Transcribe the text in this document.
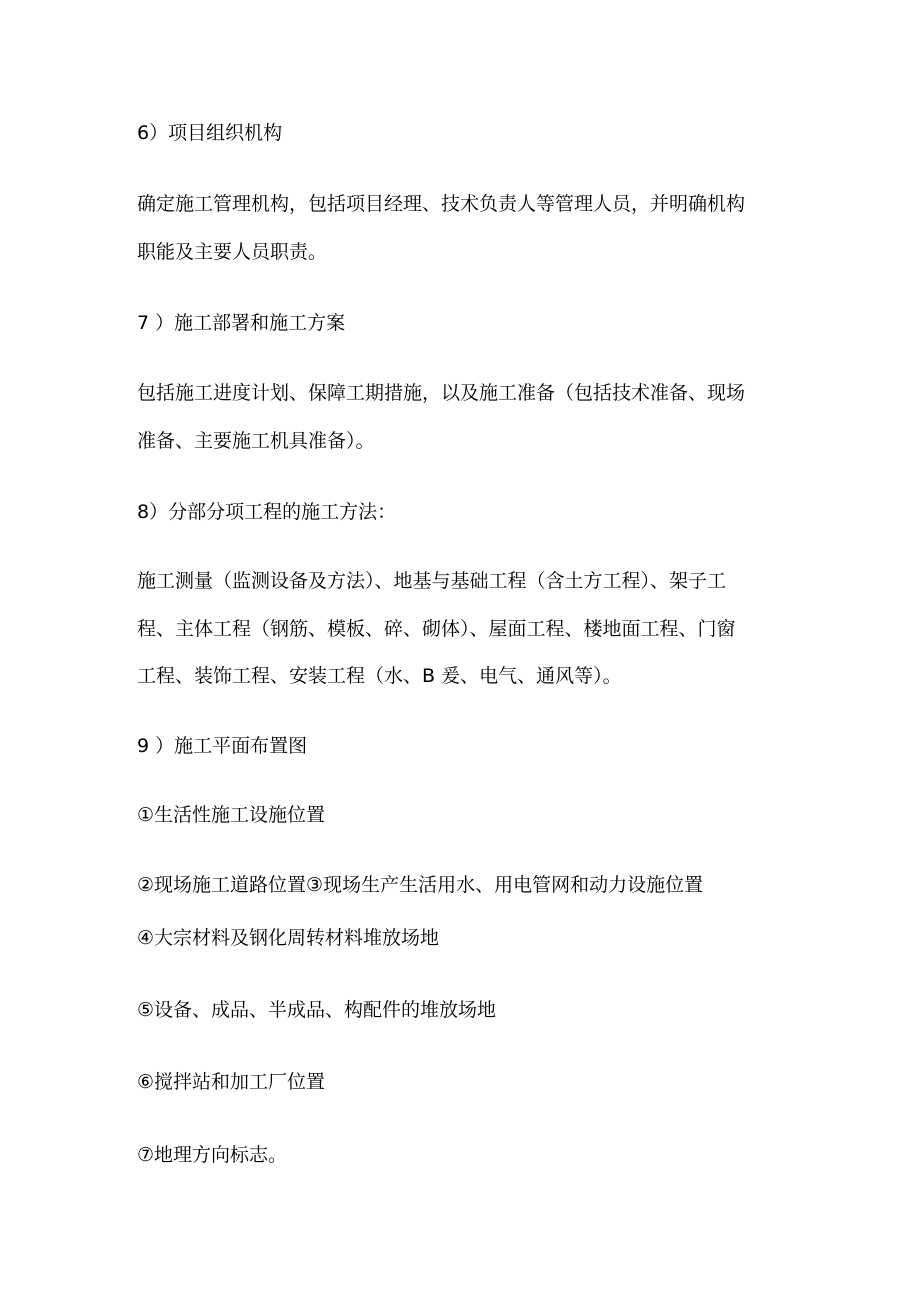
6）项目组织机构

确定施工管理机构，包括项目经理、技术负责人等管理人员，并明确机构

职能及主要人员职责。

7 ）施工部署和施工方案

包括施工进度计划、保障工期措施，以及施工准备（包括技术准备、现场

准备、主要施工机具准备）。

8）分部分项工程的施工方法：

施工测量（监测设备及方法）、地基与基础工程（含土方工程）、架子工

程、主体工程（钢筋、模板、碎、砌体）、屋面工程、楼地面工程、门窗

工程、装饰工程、安装工程（水、B 爰、电气、通风等）。

9 ）施工平面布置图

①生活性施工设施位置

②现场施工道路位置③现场生产生活用水、用电管网和动力设施位置

④大宗材料及钢化周转材料堆放场地

⑤设备、成品、半成品、构配件的堆放场地

⑥搅拌站和加工厂位置

⑦地理方向标志。
